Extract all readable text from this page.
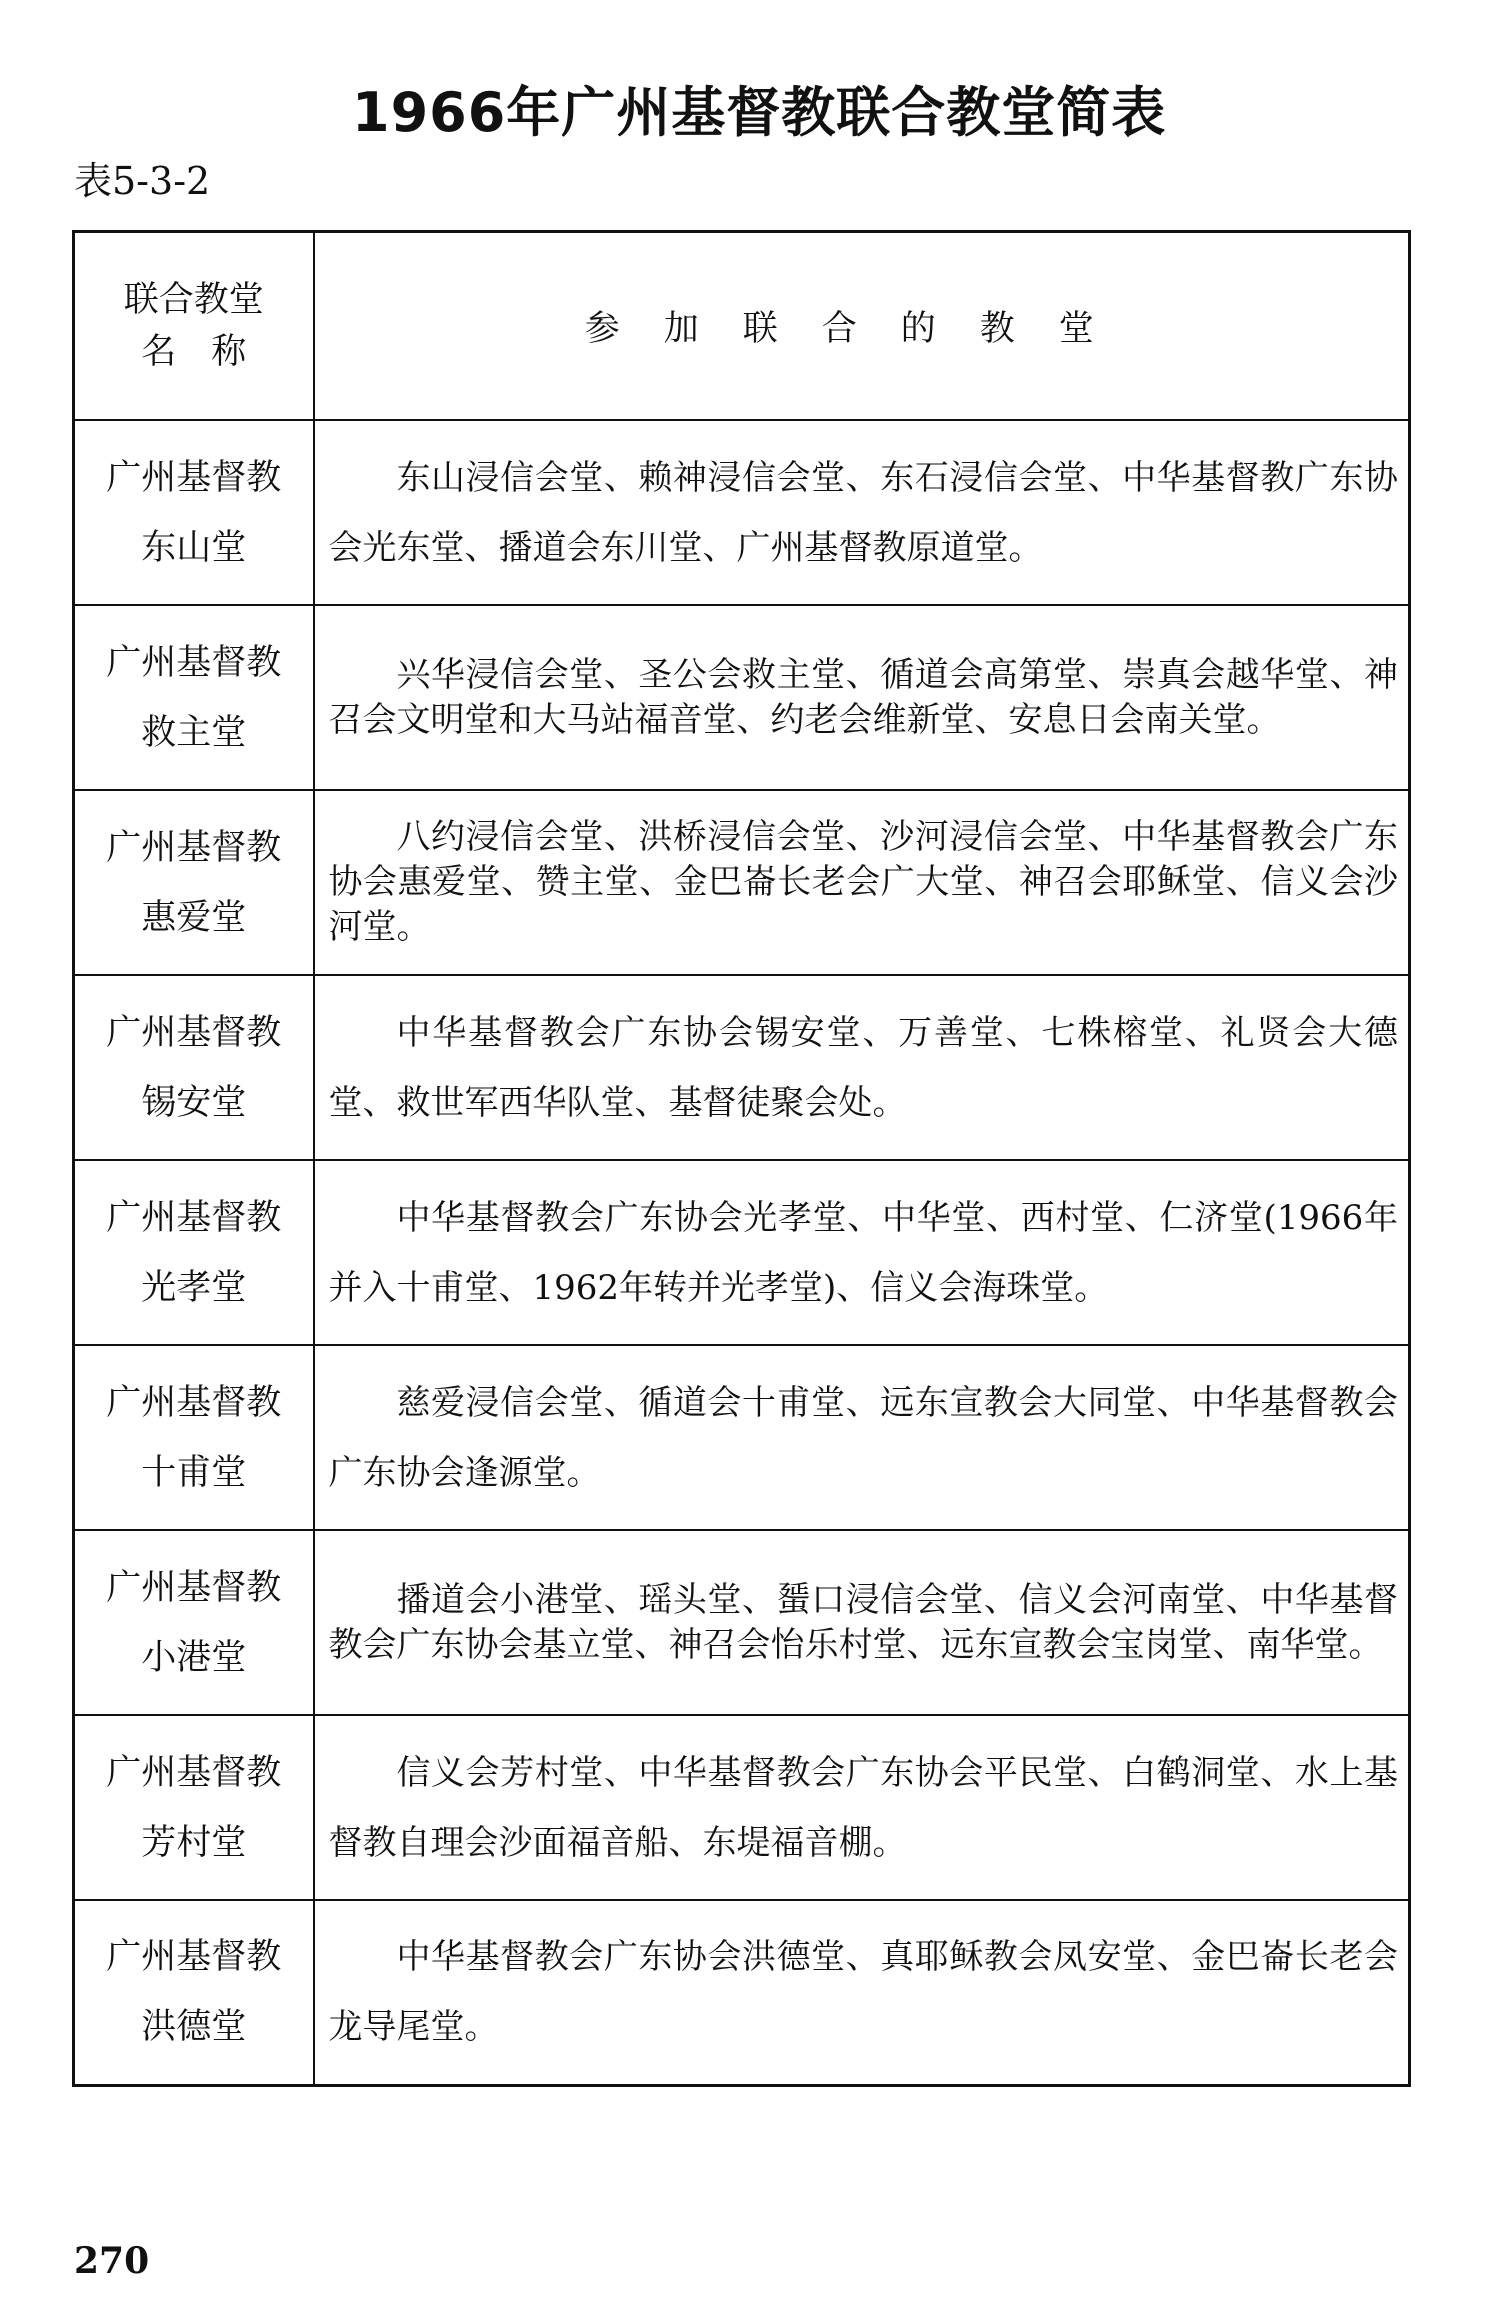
1966年广州基督教联合教堂简表
表5-3-2
联合教堂
名　称	参加联合的教堂

广州基督教
东山堂	东山浸信会堂、赖神浸信会堂、东石浸信会堂、中华基督教广东协会光东堂、播道会东川堂、广州基督教原道堂。

广州基督教
救主堂	兴华浸信会堂、圣公会救主堂、循道会高第堂、崇真会越华堂、神召会文明堂和大马站福音堂、约老会维新堂、安息日会南关堂。

广州基督教
惠爱堂	八约浸信会堂、洪桥浸信会堂、沙河浸信会堂、中华基督教会广东协会惠爱堂、赞主堂、金巴崙长老会广大堂、神召会耶稣堂、信义会沙河堂。

广州基督教
锡安堂	中华基督教会广东协会锡安堂、万善堂、七株榕堂、礼贤会大德堂、救世军西华队堂、基督徒聚会处。

广州基督教
光孝堂	中华基督教会广东协会光孝堂、中华堂、西村堂、仁济堂(1966年并入十甫堂、1962年转并光孝堂)、信义会海珠堂。

广州基督教
十甫堂	慈爱浸信会堂、循道会十甫堂、远东宣教会大同堂、中华基督教会广东协会逢源堂。

广州基督教
小港堂	播道会小港堂、瑶头堂、蜑口浸信会堂、信义会河南堂、中华基督教会广东协会基立堂、神召会怡乐村堂、远东宣教会宝岗堂、南华堂。

广州基督教
芳村堂	信义会芳村堂、中华基督教会广东协会平民堂、白鹤洞堂、水上基督教自理会沙面福音船、东堤福音棚。

广州基督教
洪德堂	中华基督教会广东协会洪德堂、真耶稣教会凤安堂、金巴崙长老会龙导尾堂。
270
